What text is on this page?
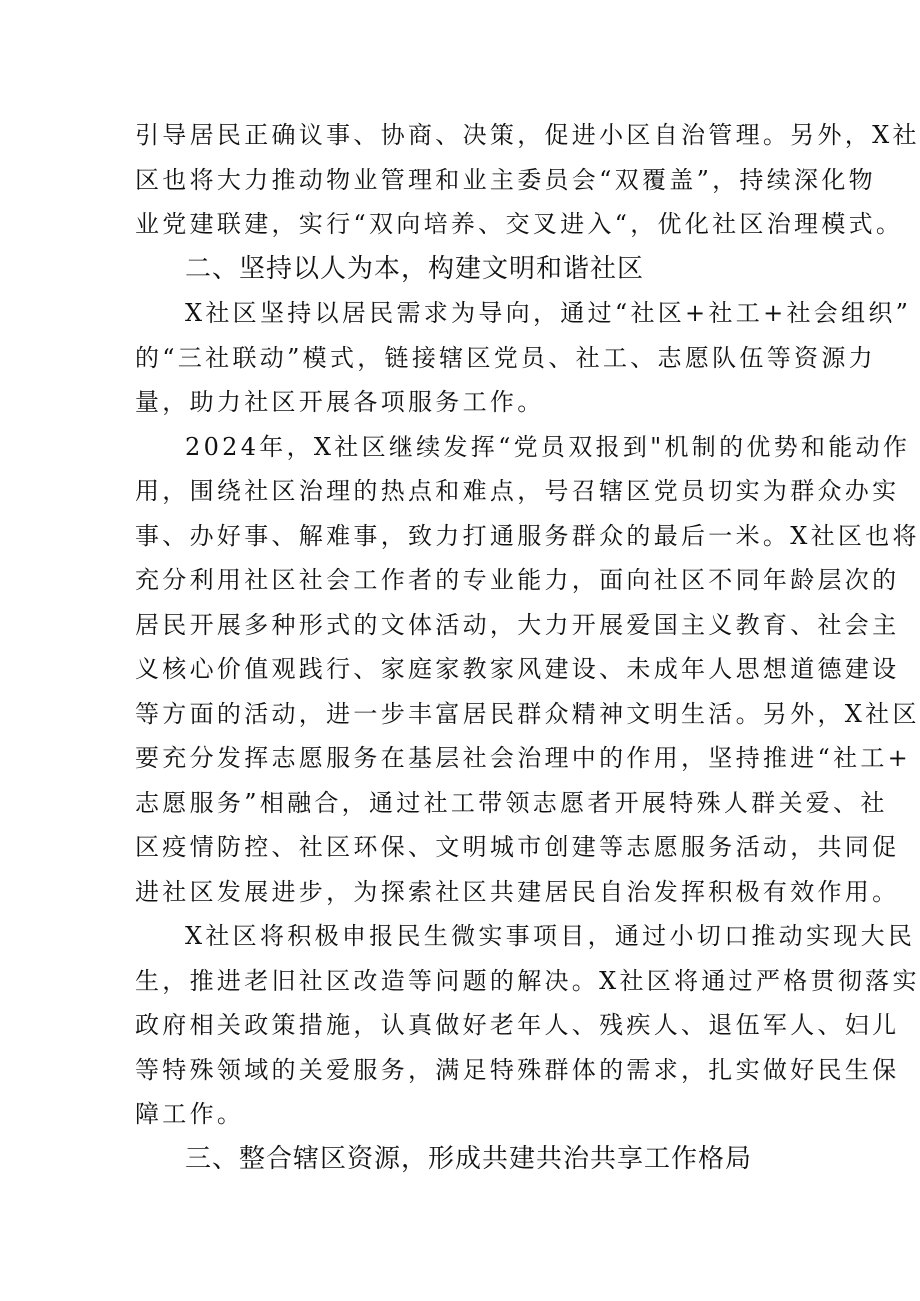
引导居民正确议事、协商、决策，促进小区自治管理。另外，X社
区也将大力推动物业管理和业主委员会“双覆盖”，持续深化物
业党建联建，实行“双向培养、交叉进入“，优化社区治理模式。
二、坚持以人为本，构建文明和谐社区
X社区坚持以居民需求为导向，通过“社区+社工+社会组织”
的“三社联动”模式，链接辖区党员、社工、志愿队伍等资源力
量，助力社区开展各项服务工作。
2024年，X社区继续发挥“党员双报到"机制的优势和能动作
用，围绕社区治理的热点和难点，号召辖区党员切实为群众办实
事、办好事、解难事，致力打通服务群众的最后一米。X社区也将
充分利用社区社会工作者的专业能力，面向社区不同年龄层次的
居民开展多种形式的文体活动，大力开展爱国主义教育、社会主
义核心价值观践行、家庭家教家风建设、未成年人思想道德建设
等方面的活动，进一步丰富居民群众精神文明生活。另外，X社区
要充分发挥志愿服务在基层社会治理中的作用，坚持推进“社工+
志愿服务”相融合，通过社工带领志愿者开展特殊人群关爱、社
区疫情防控、社区环保、文明城市创建等志愿服务活动，共同促
进社区发展进步，为探索社区共建居民自治发挥积极有效作用。
X社区将积极申报民生微实事项目，通过小切口推动实现大民
生，推进老旧社区改造等问题的解决。X社区将通过严格贯彻落实
政府相关政策措施，认真做好老年人、残疾人、退伍军人、妇儿
等特殊领域的关爱服务，满足特殊群体的需求，扎实做好民生保
障工作。
三、整合辖区资源，形成共建共治共享工作格局
